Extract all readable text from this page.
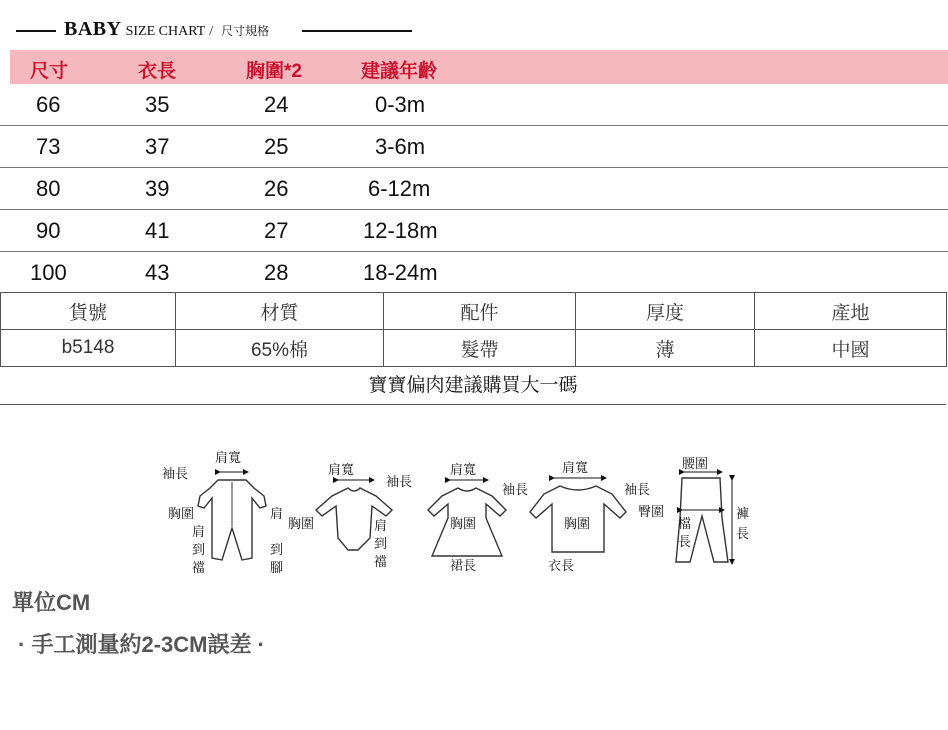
BABY SIZE CHART / 尺寸規格
尺寸	衣長	胸圍*2	建議年齡
66	35	24	0-3m
73	37	25	3-6m
80	39	26	6-12m
90	41	27	12-18m
100	43	28	18-24m
貨號	材質	配件	厚度	產地
b5148	65%棉	髮帶	薄	中國
寶寶偏肉建議購買大一碼
肩寬
袖長
胸圍
肩
到
襠
肩
到
腳
肩寬
袖長
胸圍	肩
到
襠
肩寬
袖長
胸圍
裙長
肩寬
袖長
胸圍
衣長
腰圍
臀圍
檔
長
褲
長
單位CM
· 手工測量約2-3CM誤差 ·
